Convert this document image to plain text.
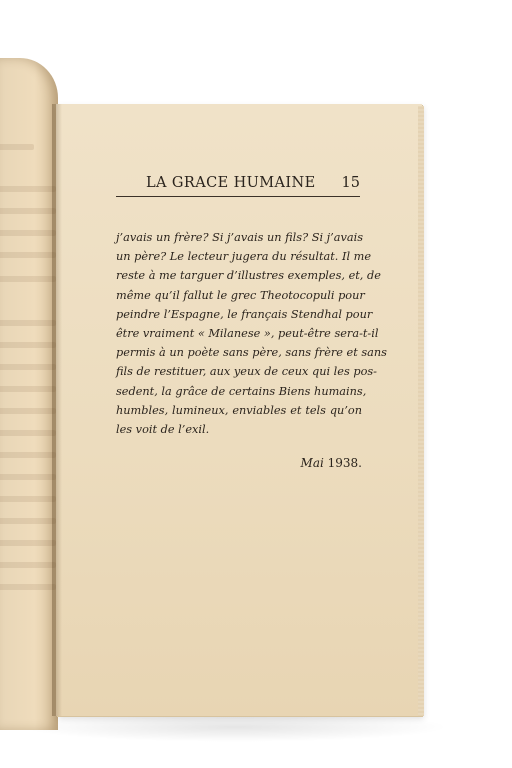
LA GRACE HUMAINE 15
j’avais un frère? Si j’avais un fils? Si j’avais
un père? Le lecteur jugera du résultat. Il me
reste à me targuer d’illustres exemples, et, de
même qu’il fallut le grec Theotocopuli pour
peindre l’Espagne, le français Stendhal pour
être vraiment « Milanese », peut-être sera-t-il
permis à un poète sans père, sans frère et sans
fils de restituer, aux yeux de ceux qui les pos-
sedent, la grâce de certains Biens humains,
humbles, lumineux, enviables et tels qu’on
les voit de l’exil.
Mai 1938.
